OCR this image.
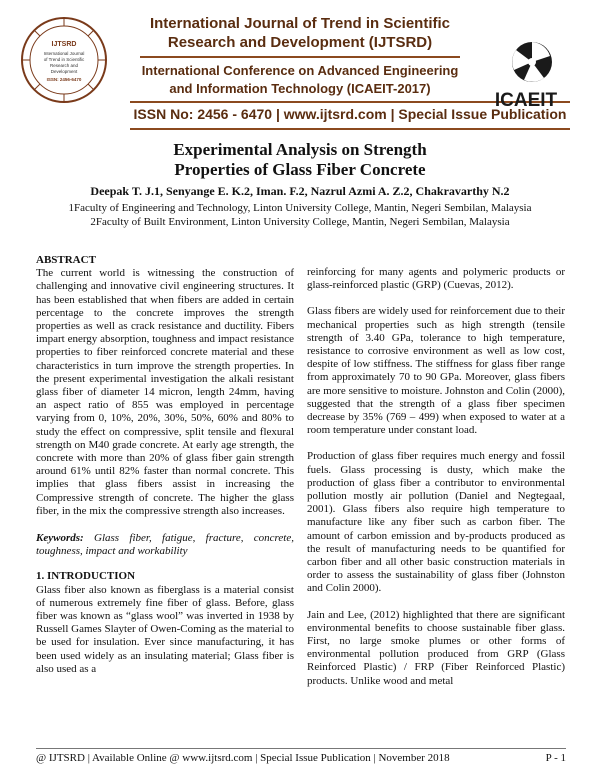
IJTSRD
International Journal
of Trend in Scientific
Research and
Development
ISSN: 2456-6470
International Journal of Trend in Scientific
Research and Development (IJTSRD)
International Conference on Advanced Engineering
and Information Technology (ICAEIT-2017)
ICAEIT
ISSN No: 2456 - 6470 | www.ijtsrd.com | Special Issue Publication
Experimental Analysis on Strength
Properties of Glass Fiber Concrete
Deepak T. J.1, Senyange E. K.2, Iman. F.2, Nazrul Azmi A. Z.2, Chakravarthy N.2
1Faculty of Engineering and Technology, Linton University College, Mantin, Negeri Sembilan, Malaysia
2Faculty of Built Environment, Linton University College, Mantin, Negeri Sembilan, Malaysia

ABSTRACT

The current world is witnessing the construction of challenging and innovative civil engineering structures. It has been established that when fibers are added in certain percentage to the concrete improves the strength properties as well as crack resistance and ductility. Fibers impart energy absorption, toughness and impact resistance properties to fiber reinforced concrete material and these characteristics in turn improve the strength properties. In the present experimental investigation the alkali resistant glass fiber of diameter 14 micron, length 24mm, having an aspect ratio of 855 was employed in percentage varying from 0, 10%, 20%, 30%, 50%, 60% and 80% to study the effect on compressive, split tensile and flexural strength on M40 grade concrete. At early age strength, the concrete with more than 20% of glass fiber gain strength around 61% until 82% faster than normal concrete. This implies that glass fibers assist in increasing the Compressive strength of concrete. The higher the glass fiber, in the mix the compressive strength also increases.

Keywords: Glass fiber, fatigue, fracture, concrete, toughness, impact and workability

1. INTRODUCTION

Glass fiber also known as fiberglass is a material consist of numerous extremely fine fiber of glass. Before, glass fiber was known as “glass wool” was inverted in 1938 by Russell Games Slayter of Owen-Coming as the material to be used for insulation. Ever since manufacturing, it has been used widely as an insulating material; Glass fiber is also used as a

reinforcing for many agents and polymeric products or glass-reinforced plastic (GRP) (Cuevas, 2012).

Glass fibers are widely used for reinforcement due to their mechanical properties such as high strength (tensile strength of 3.40 GPa, tolerance to high temperature, resistance to corrosive environment as well as low cost, despite of low stiffness. The stiffness for glass fiber range from approximately 70 to 90 GPa. Moreover, glass fibers are more sensitive to moisture. Johnston and Colin (2000), suggested that the strength of a glass fiber specimen decrease by 35% (769 – 499) when exposed to water at a room temperature under constant load.

Production of glass fiber requires much energy and fossil fuels. Glass processing is dusty, which make the production of glass fiber a contributor to environmental pollution mostly air pollution (Daniel and Negtegaal, 2001). Glass fibers also require high temperature to manufacture like any fiber such as carbon fiber. The amount of carbon emission and by-products produced as the result of manufacturing needs to be quantified for carbon fiber and all other basic construction materials in order to assess the sustainability of glass fiber (Johnston and Colin 2000).

Jain and Lee, (2012) highlighted that there are significant environmental benefits to choose sustainable fiber glass. First, no large smoke plumes or other forms of environmental pollution produced from GRP (Glass Reinforced Plastic) / FRP (Fiber Reinforced Plastic) products. Unlike wood and metal

@ IJTSRD | Available Online @ www.ijtsrd.com | Special Issue Publication | November 2018	P - 1
